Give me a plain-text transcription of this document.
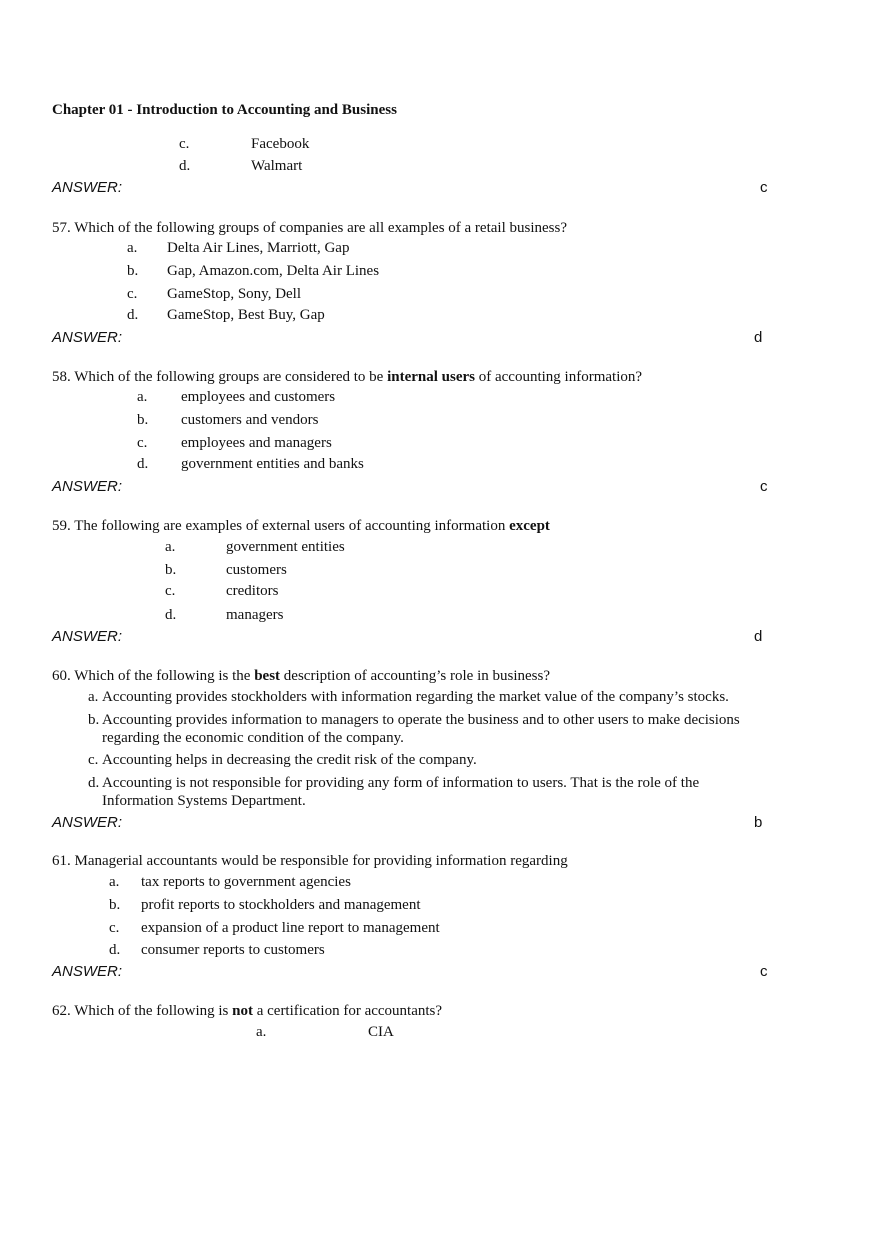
Chapter 01 - Introduction to Accounting and Business
c.	Facebook
d.	Walmart
ANSWER:	c
57. Which of the following groups of companies are all examples of a retail business?
a. Delta Air Lines, Marriott, Gap
b. Gap, Amazon.com, Delta Air Lines
c. GameStop, Sony, Dell
d. GameStop, Best Buy, Gap
ANSWER:	d
58. Which of the following groups are considered to be internal users of accounting information?
a. employees and customers
b. customers and vendors
c. employees and managers
d. government entities and banks
ANSWER:	c
59. The following are examples of external users of accounting information except
a.	government entities
b.	customers
c.	creditors
d.	managers
ANSWER:	d
60. Which of the following is the best description of accounting’s role in business?
a. Accounting provides stockholders with information regarding the market value of the company’s stocks.
b. Accounting provides information to managers to operate the business and to other users to make decisions regarding the economic condition of the company.
c. Accounting helps in decreasing the credit risk of the company.
d. Accounting is not responsible for providing any form of information to users. That is the role of the Information Systems Department.
ANSWER:	b
61. Managerial accountants would be responsible for providing information regarding
a. tax reports to government agencies
b. profit reports to stockholders and management
c. expansion of a product line report to management
d. consumer reports to customers
ANSWER:	c
62. Which of the following is not a certification for accountants?
a.	CIA
